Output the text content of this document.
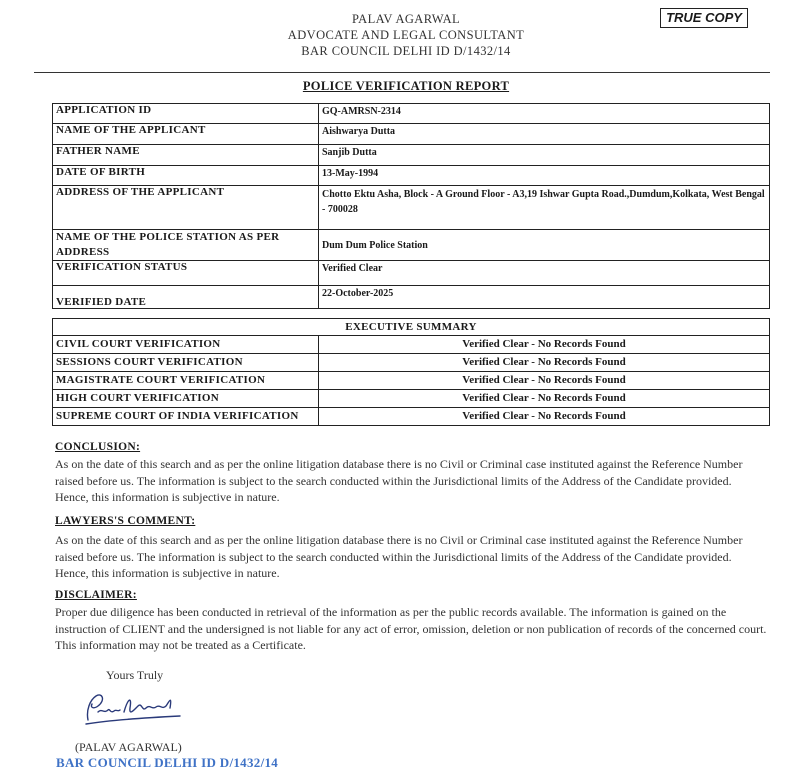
TRUE COPY
PALAV AGARWAL
ADVOCATE AND LEGAL CONSULTANT
BAR COUNCIL DELHI ID D/1432/14
POLICE VERIFICATION REPORT
APPLICATION ID	GQ-AMRSN-2314
NAME OF THE APPLICANT	Aishwarya Dutta
FATHER NAME	Sanjib Dutta
DATE OF BIRTH	13-May-1994
ADDRESS OF THE APPLICANT	Chotto Ektu Asha, Block - A Ground Floor - A3,19 Ishwar Gupta Road.,Dumdum,Kolkata, West Bengal - 700028
NAME OF THE POLICE STATION AS PER ADDRESS	Dum Dum Police Station
VERIFICATION STATUS	Verified Clear
VERIFIED DATE	22-October-2025
EXECUTIVE SUMMARY	
CIVIL COURT VERIFICATION	Verified Clear - No Records Found
SESSIONS COURT VERIFICATION	Verified Clear - No Records Found
MAGISTRATE COURT VERIFICATION	Verified Clear - No Records Found
HIGH COURT VERIFICATION	Verified Clear - No Records Found
SUPREME COURT OF INDIA VERIFICATION	Verified Clear - No Records Found
CONCLUSION:
As on the date of this search and as per the online litigation database there is no Civil or Criminal case instituted against the Reference Number raised before us. The information is subject to the search conducted within the Jurisdictional limits of the Address of the Candidate provided. Hence, this information is subjective in nature.
LAWYERS'S COMMENT:
As on the date of this search and as per the online litigation database there is no Civil or Criminal case instituted against the Reference Number raised before us. The information is subject to the search conducted within the Jurisdictional limits of the Address of the Candidate provided. Hence, this information is subjective in nature.
DISCLAIMER:
Proper due diligence has been conducted in retrieval of the information as per the public records available. The information is gained on the instruction of CLIENT and the undersigned is not liable for any act of error, omission, deletion or non publication of records of the concerned court. This information may not be treated as a Certificate.
Yours Truly
(PALAV AGARWAL)
BAR COUNCIL DELHI ID D/1432/14
